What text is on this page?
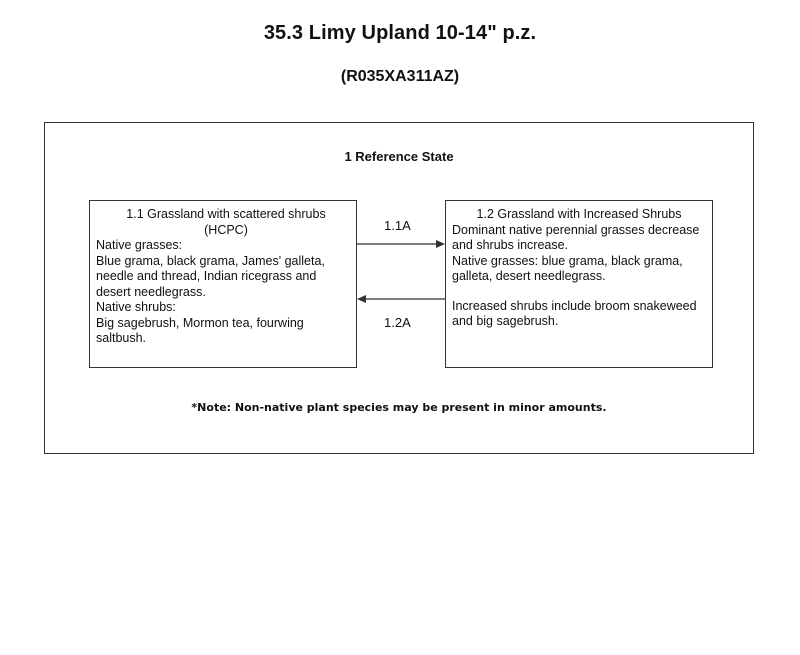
35.3 Limy Upland 10-14" p.z.
(R035XA311AZ)
1 Reference State
1.1 Grassland with scattered shrubs
(HCPC)
Native grasses:
Blue grama, black grama, James' galleta, needle and thread, Indian ricegrass and desert needlegrass.
Native shrubs:
Big sagebrush, Mormon tea, fourwing saltbush.
1.2 Grassland with Increased Shrubs
Dominant native perennial grasses decrease and shrubs increase.
Native grasses: blue grama, black grama, galleta, desert needlegrass.
Increased shrubs include broom snakeweed and big sagebrush.
1.1A
1.2A
*Note: Non-native plant species may be present in minor amounts.
